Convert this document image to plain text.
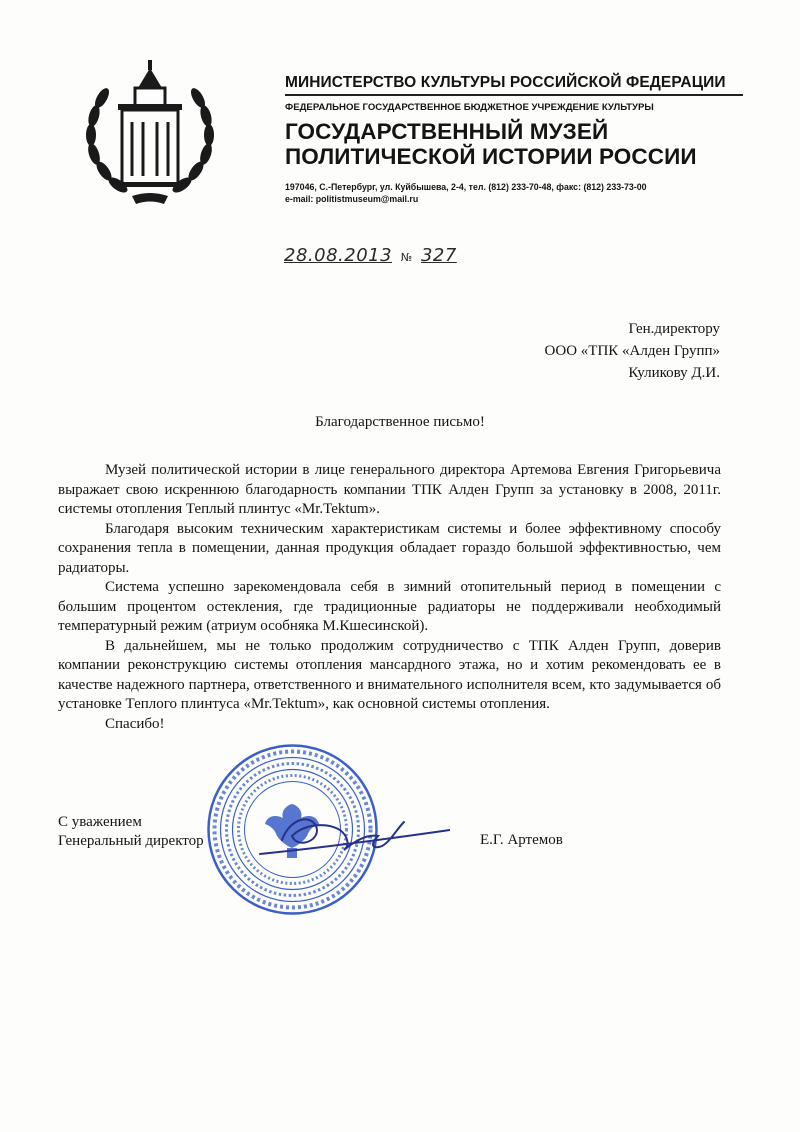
МИНИСТЕРСТВО КУЛЬТУРЫ РОССИЙСКОЙ ФЕДЕРАЦИИ
ФЕДЕРАЛЬНОЕ ГОСУДАРСТВЕННОЕ БЮДЖЕТНОЕ УЧРЕЖДЕНИЕ КУЛЬТУРЫ
ГОСУДАРСТВЕННЫЙ МУЗЕЙ
ПОЛИТИЧЕСКОЙ ИСТОРИИ РОССИИ
197046, С.-Петербург, ул. Куйбышева, 2-4, тел. (812) 233-70-48, факс: (812) 233-73-00
e-mail: politistmuseum@mail.ru
28.08.2013 № 327
Ген.директору
ООО «ТПК «Алден Групп»
Куликову Д.И.
Благодарственное письмо!

Музей политической истории в лице генерального директора Артемова Евгения Григорьевича выражает свою искреннюю благодарность компании ТПК Алден Групп за установку в 2008, 2011г. системы отопления Теплый плинтус «Mr.Tektum».

Благодаря высоким техническим характеристикам системы и более эффективному способу сохранения тепла в помещении, данная продукция обладает гораздо большой эффективностью, чем радиаторы.

Система успешно зарекомендовала себя в зимний отопительный период в помещении с большим процентом остекления, где традиционные радиаторы не поддерживали необходимый температурный режим (атриум особняка М.Кшесинской).

В дальнейшем, мы не только продолжим сотрудничество с ТПК Алден Групп, доверив компании реконструкцию системы отопления мансардного этажа, но и хотим рекомендовать ее в качестве надежного партнера, ответственного и внимательного исполнителя всем, кто задумывается об установке Теплого плинтуса «Mr.Tektum», как основной системы отопления.

Спасибо!

С уважением
Генеральный директор	Е.Г. Артемов
